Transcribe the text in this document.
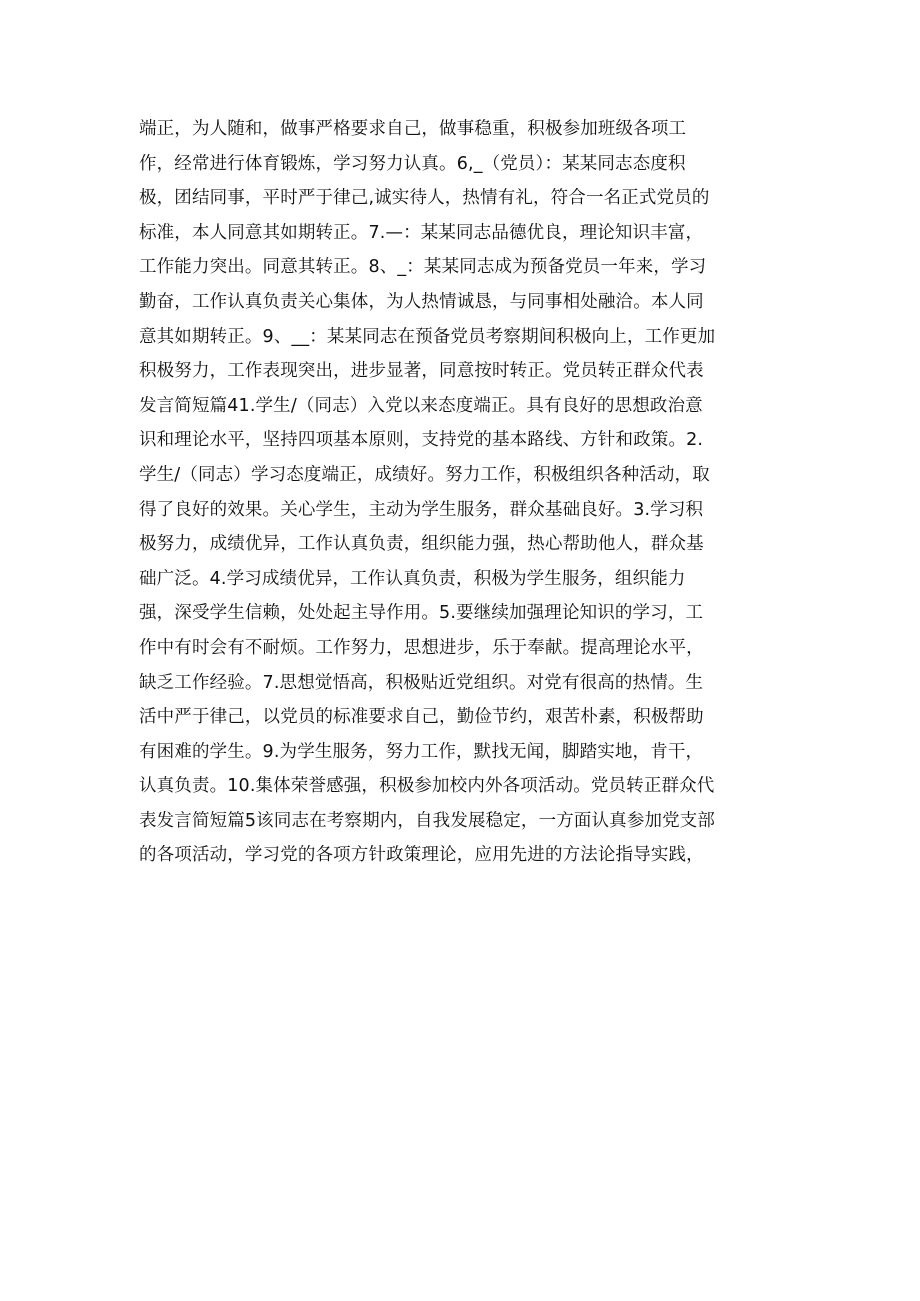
端正，为人随和，做事严格要求自己，做事稳重，积极参加班级各项工
作，经常进行体育锻炼，学习努力认真。6,_（党员）：某某同志态度积
极，团结同事，平时严于律己,诚实待人，热情有礼，符合一名正式党员的
标准，本人同意其如期转正。7.—：某某同志品德优良，理论知识丰富，
工作能力突出。同意其转正。8、_：某某同志成为预备党员一年来，学习
勤奋，工作认真负责关心集体，为人热情诚恳，与同事相处融洽。本人同
意其如期转正。9、__：某某同志在预备党员考察期间积极向上，工作更加
积极努力，工作表现突出，进步显著，同意按时转正。党员转正群众代表
发言简短篇41.学生/（同志）入党以来态度端正。具有良好的思想政治意
识和理论水平，坚持四项基本原则，支持党的基本路线、方针和政策。2.
学生/（同志）学习态度端正，成绩好。努力工作，积极组织各种活动，取
得了良好的效果。关心学生，主动为学生服务，群众基础良好。3.学习积
极努力，成绩优异，工作认真负责，组织能力强，热心帮助他人，群众基
础广泛。4.学习成绩优异，工作认真负责，积极为学生服务，组织能力
强，深受学生信赖，处处起主导作用。5.要继续加强理论知识的学习，工
作中有时会有不耐烦。工作努力，思想进步，乐于奉献。提高理论水平，
缺乏工作经验。7.思想觉悟高，积极贴近党组织。对党有很高的热情。生
活中严于律己，以党员的标准要求自己，勤俭节约，艰苦朴素，积极帮助
有困难的学生。9.为学生服务，努力工作，默找无闻，脚踏实地，肯干，
认真负责。10.集体荣誉感强，积极参加校内外各项活动。党员转正群众代
表发言简短篇5该同志在考察期内，自我发展稳定，一方面认真参加党支部
的各项活动，学习党的各项方针政策理论，应用先进的方法论指导实践，
